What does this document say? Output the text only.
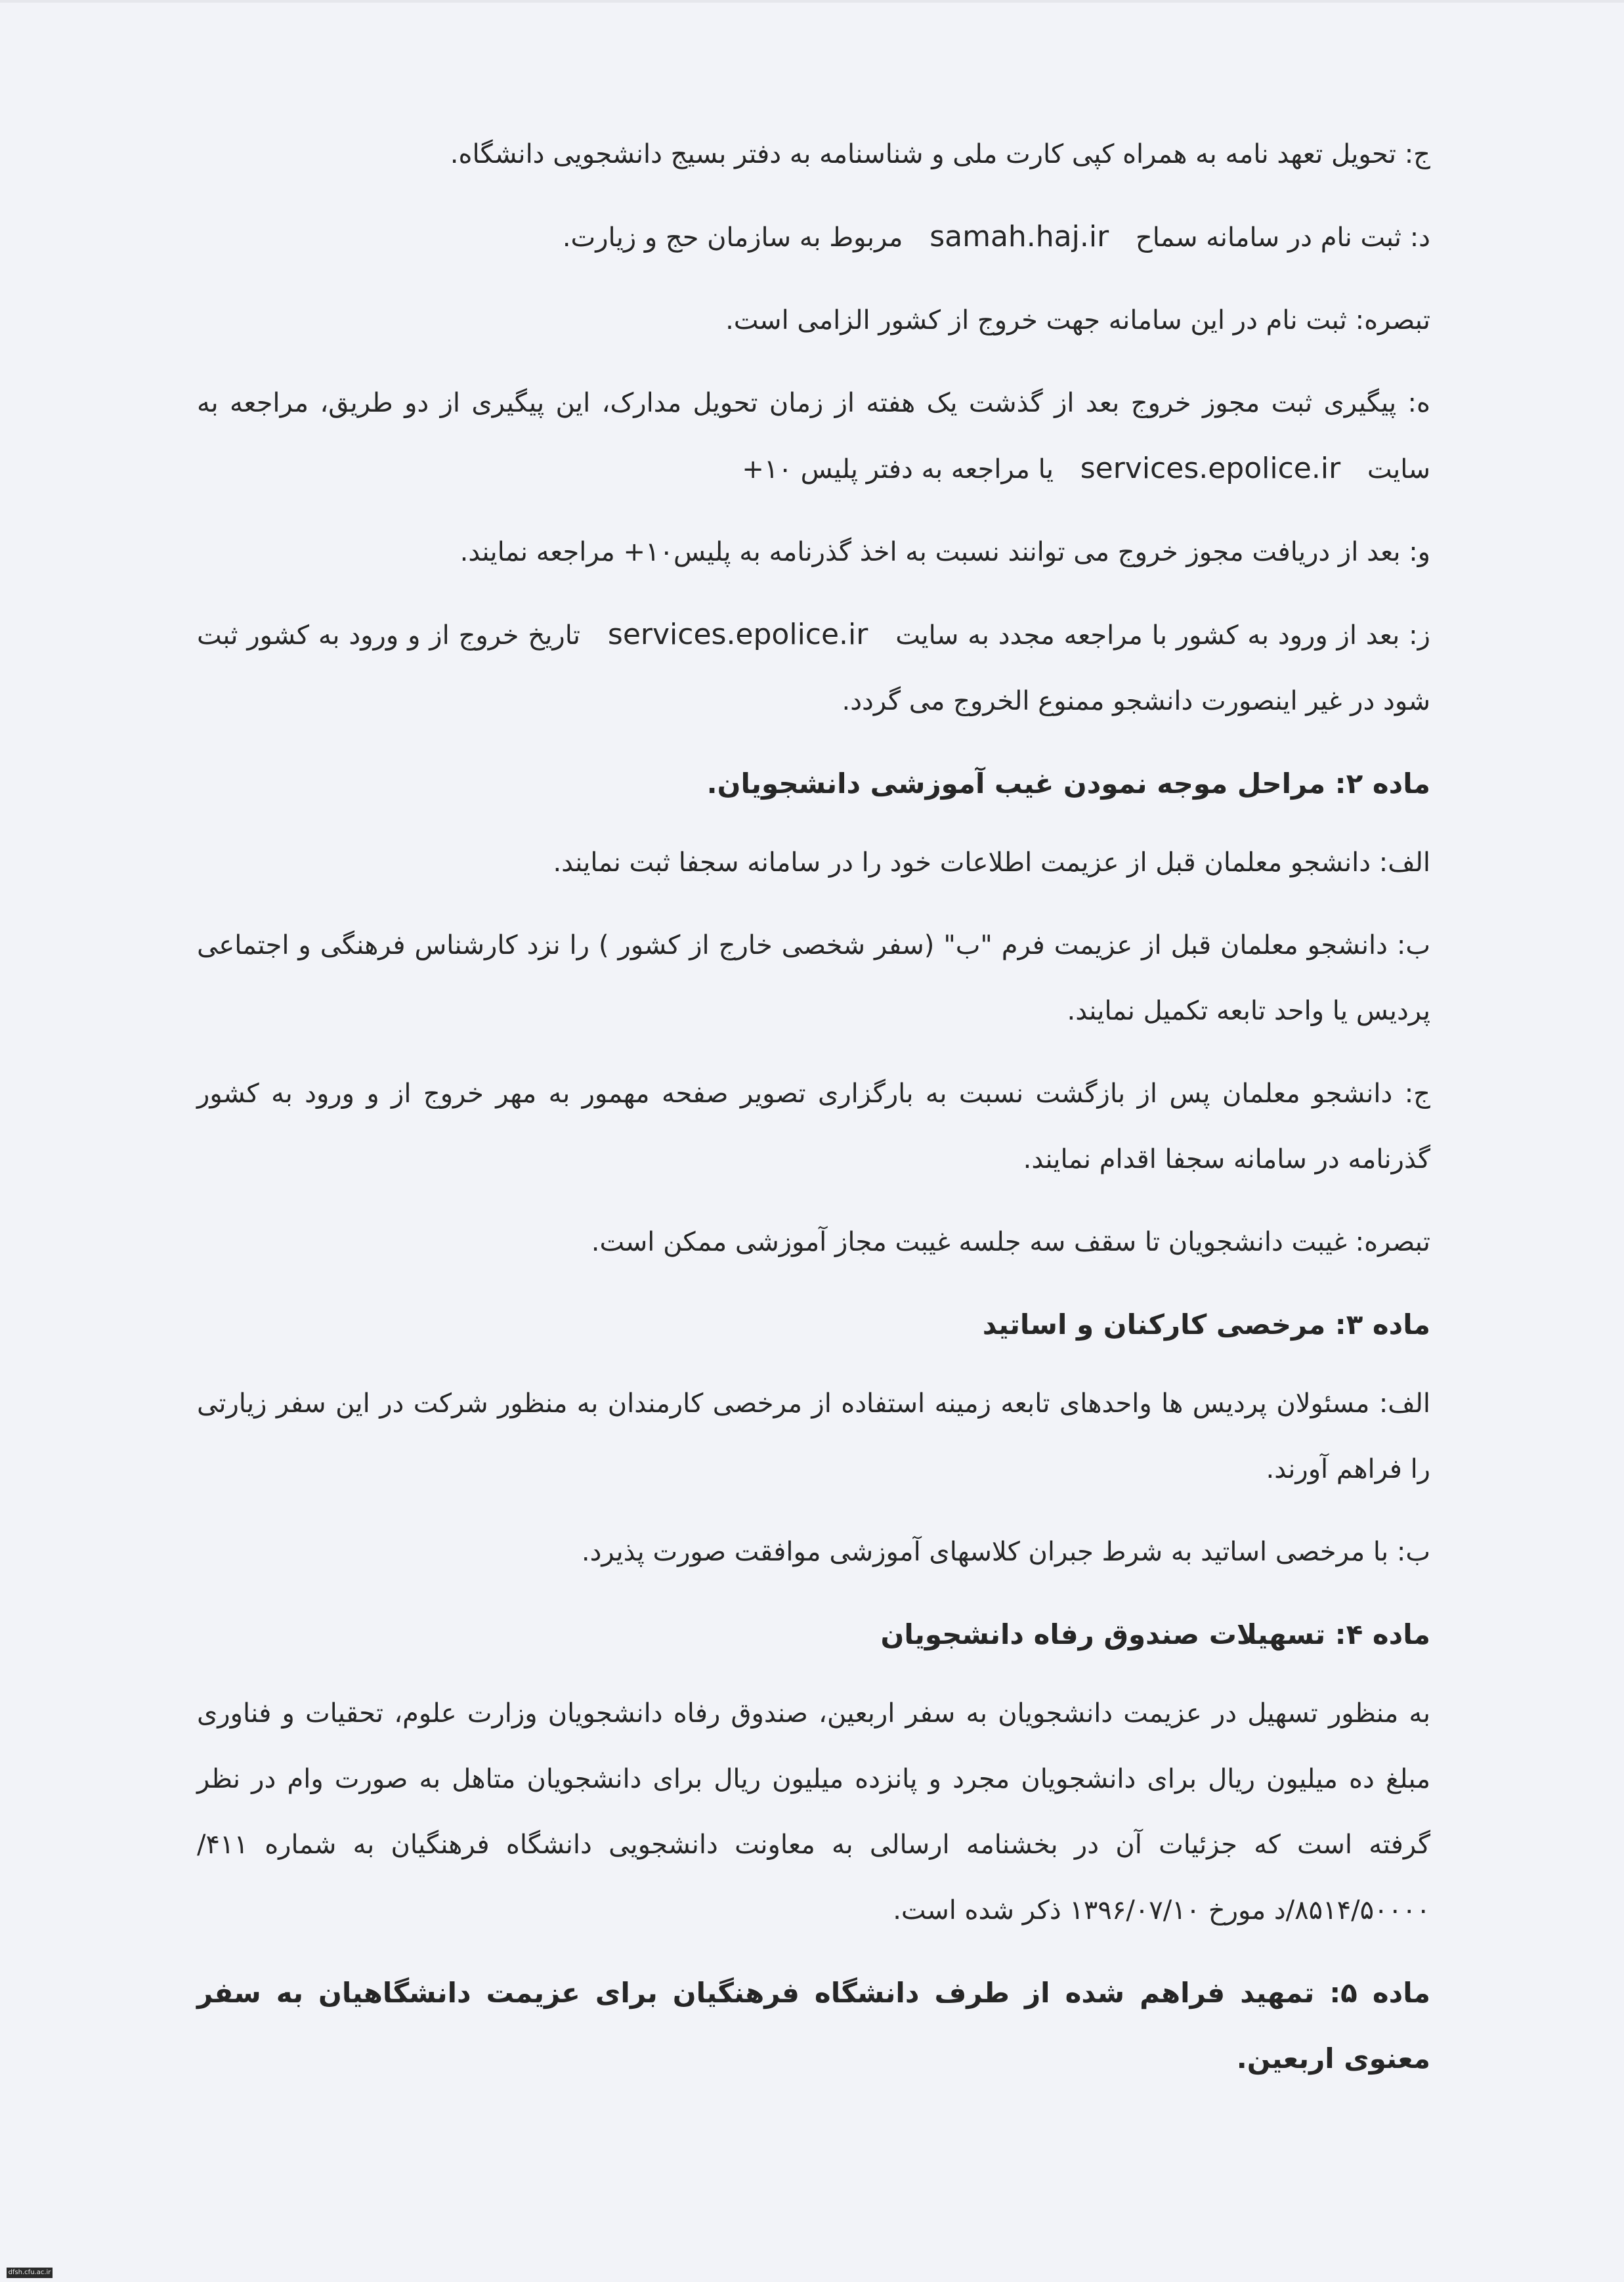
ج: تحویل تعهد نامه به همراه کپی کارت ملی و شناسنامه به دفتر بسیج دانشجویی دانشگاه.

د: ثبت نام در سامانه سماح samah.haj.ir مربوط به سازمان حج و زیارت.

تبصره: ثبت نام در این سامانه جهت خروج از کشور الزامی است.

ه: پیگیری ثبت مجوز خروج بعد از گذشت یک هفته از زمان تحویل مدارک، این پیگیری از دو طریق، مراجعه به سایت services.epolice.ir یا مراجعه به دفتر پلیس ۱۰+

و: بعد از دریافت مجوز خروج می توانند نسبت به اخذ گذرنامه به پلیس۱۰+ مراجعه نمایند.

ز: بعد از ورود به کشور با مراجعه مجدد به سایت services.epolice.ir تاریخ خروج از و ورود به کشور ثبت شود در غیر اینصورت دانشجو ممنوع الخروج می گردد.

ماده ۲: مراحل موجه نمودن غیب آموزشی دانشجویان.

الف: دانشجو معلمان قبل از عزیمت اطلاعات خود را در سامانه سجفا ثبت نمایند.

ب: دانشجو معلمان قبل از عزیمت فرم "ب" (سفر شخصی خارج از کشور ) را نزد کارشناس فرهنگی و اجتماعی پردیس یا واحد تابعه تکمیل نمایند.

ج: دانشجو معلمان پس از بازگشت نسبت به بارگزاری تصویر صفحه مهمور به مهر خروج از و ورود به کشور گذرنامه در سامانه سجفا اقدام نمایند.

تبصره: غیبت دانشجویان تا سقف سه جلسه غیبت مجاز آموزشی ممکن است.

ماده ۳: مرخصی کارکنان و اساتید

الف: مسئولان پردیس ها واحدهای تابعه زمینه استفاده از مرخصی کارمندان به منظور شرکت در این سفر زیارتی را فراهم آورند.

ب: با مرخصی اساتید به شرط جبران کلاسهای آموزشی موافقت صورت پذیرد.

ماده ۴: تسهیلات صندوق رفاه دانشجویان

به منظور تسهیل در عزیمت دانشجویان به سفر اربعین، صندوق رفاه دانشجویان وزارت علوم، تحقیات و فناوری مبلغ ده میلیون ریال برای دانشجویان مجرد و پانزده میلیون ریال برای دانشجویان متاهل به صورت وام در نظر گرفته است که جزئیات آن در بخشنامه ارسالی به معاونت دانشجویی دانشگاه فرهنگیان به شماره ۴۱۱/ ۸۵۱۴/۵۰۰۰۰/د مورخ ۱۳۹۶/۰۷/۱۰ ذکر شده است.

ماده ۵: تمهید فراهم شده از طرف دانشگاه فرهنگیان برای عزیمت دانشگاهیان به سفر معنوی اربعین.

dfsh.cfu.ac.ir
